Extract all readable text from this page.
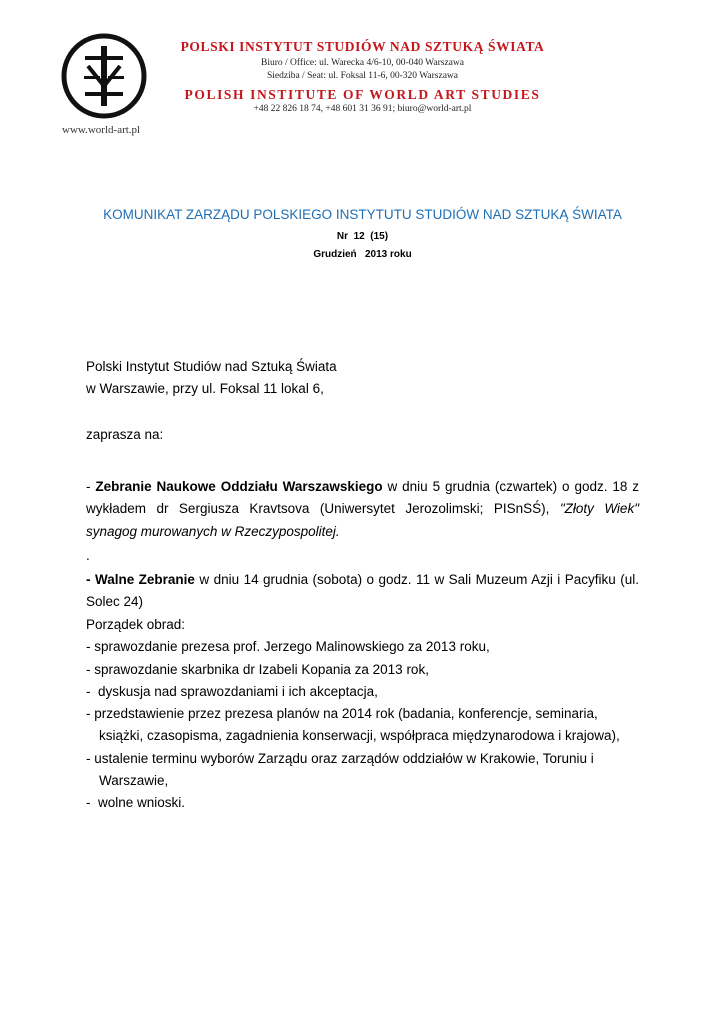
www.world-art.pl
POLSKI INSTYTUT STUDIÓW NAD SZTUKĄ ŚWIATA
Biuro / Office: ul. Warecka 4/6-10, 00-040 Warszawa
Siedziba / Seat: ul. Foksal 11-6, 00-320 Warszawa
POLISH INSTITUTE OF WORLD ART STUDIES
+48 22 826 18 74, +48 601 31 36 91; biuro@world-art.pl
KOMUNIKAT ZARZĄDU POLSKIEGO INSTYTUTU STUDIÓW NAD SZTUKĄ ŚWIATA
Nr  12  (15)
Grudzień   2013 roku
Polski Instytut Studiów nad Sztuką Świata
w Warszawie, przy ul. Foksal 11 lokal 6,
zaprasza na:
- Zebranie Naukowe Oddziału Warszawskiego w dniu 5 grudnia (czwartek) o godz. 18 z
wykładem dr Sergiusza Kravtsova (Uniwersytet Jerozolimski; PISnSŚ), "Złoty Wiek"
synagog murowanych w Rzeczypospolitej.
.
- Walne Zebranie w dniu 14 grudnia (sobota) o godz. 11 w Sali Muzeum Azji i Pacyfiku (ul.
Solec 24)
Porządek obrad:
- sprawozdanie prezesa prof. Jerzego Malinowskiego za 2013 roku,
- sprawozdanie skarbnika dr Izabeli Kopania za 2013 rok,
-  dyskusja nad sprawozdaniami i ich akceptacja,
- przedstawienie przez prezesa planów na 2014 rok (badania, konferencje, seminaria,
książki, czasopisma, zagadnienia konserwacji, współpraca międzynarodowa i krajowa),
- ustalenie terminu wyborów Zarządu oraz zarządów oddziałów w Krakowie, Toruniu i
Warszawie,
-  wolne wnioski.
